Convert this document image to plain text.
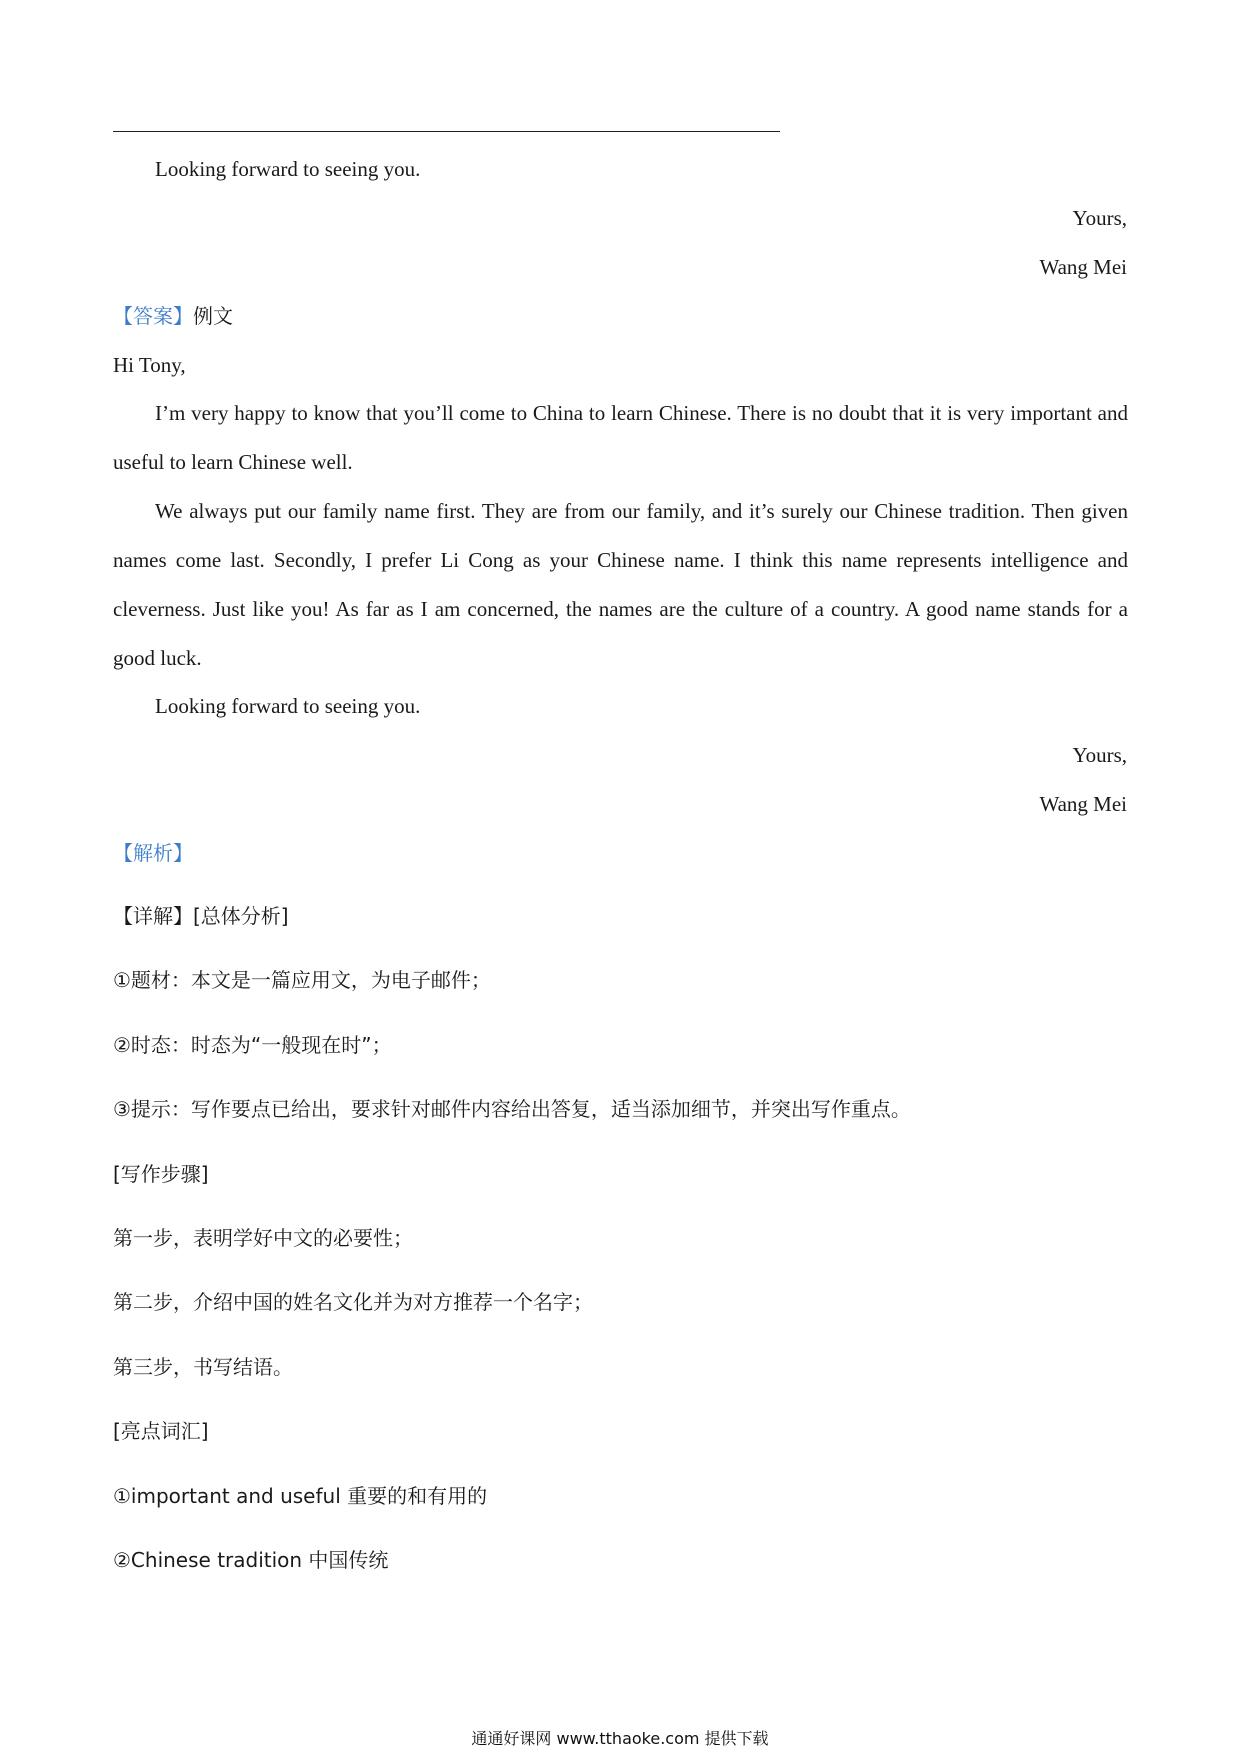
Looking forward to seeing you.
Yours,
Wang Mei
【答案】例文
Hi Tony,
I’m very happy to know that you’ll come to China to learn Chinese. There is no doubt that it is very important and useful to learn Chinese well.
We always put our family name first. They are from our family, and it’s surely our Chinese tradition. Then given names come last. Secondly, I prefer Li Cong as your Chinese name. I think this name represents intelligence and cleverness. Just like you! As far as I am concerned, the names are the culture of a country. A good name stands for a good luck.
Looking forward to seeing you.
Yours,
Wang Mei
【解析】
【详解】[总体分析]
①题材：本文是一篇应用文，为电子邮件；
②时态：时态为“一般现在时”；
③提示：写作要点已给出，要求针对邮件内容给出答复，适当添加细节，并突出写作重点。
[写作步骤]
第一步，表明学好中文的必要性；
第二步，介绍中国的姓名文化并为对方推荐一个名字；
第三步，书写结语。
[亮点词汇]
①important and useful 重要的和有用的
②Chinese tradition 中国传统
通通好课网 www.tthaoke.com 提供下载
